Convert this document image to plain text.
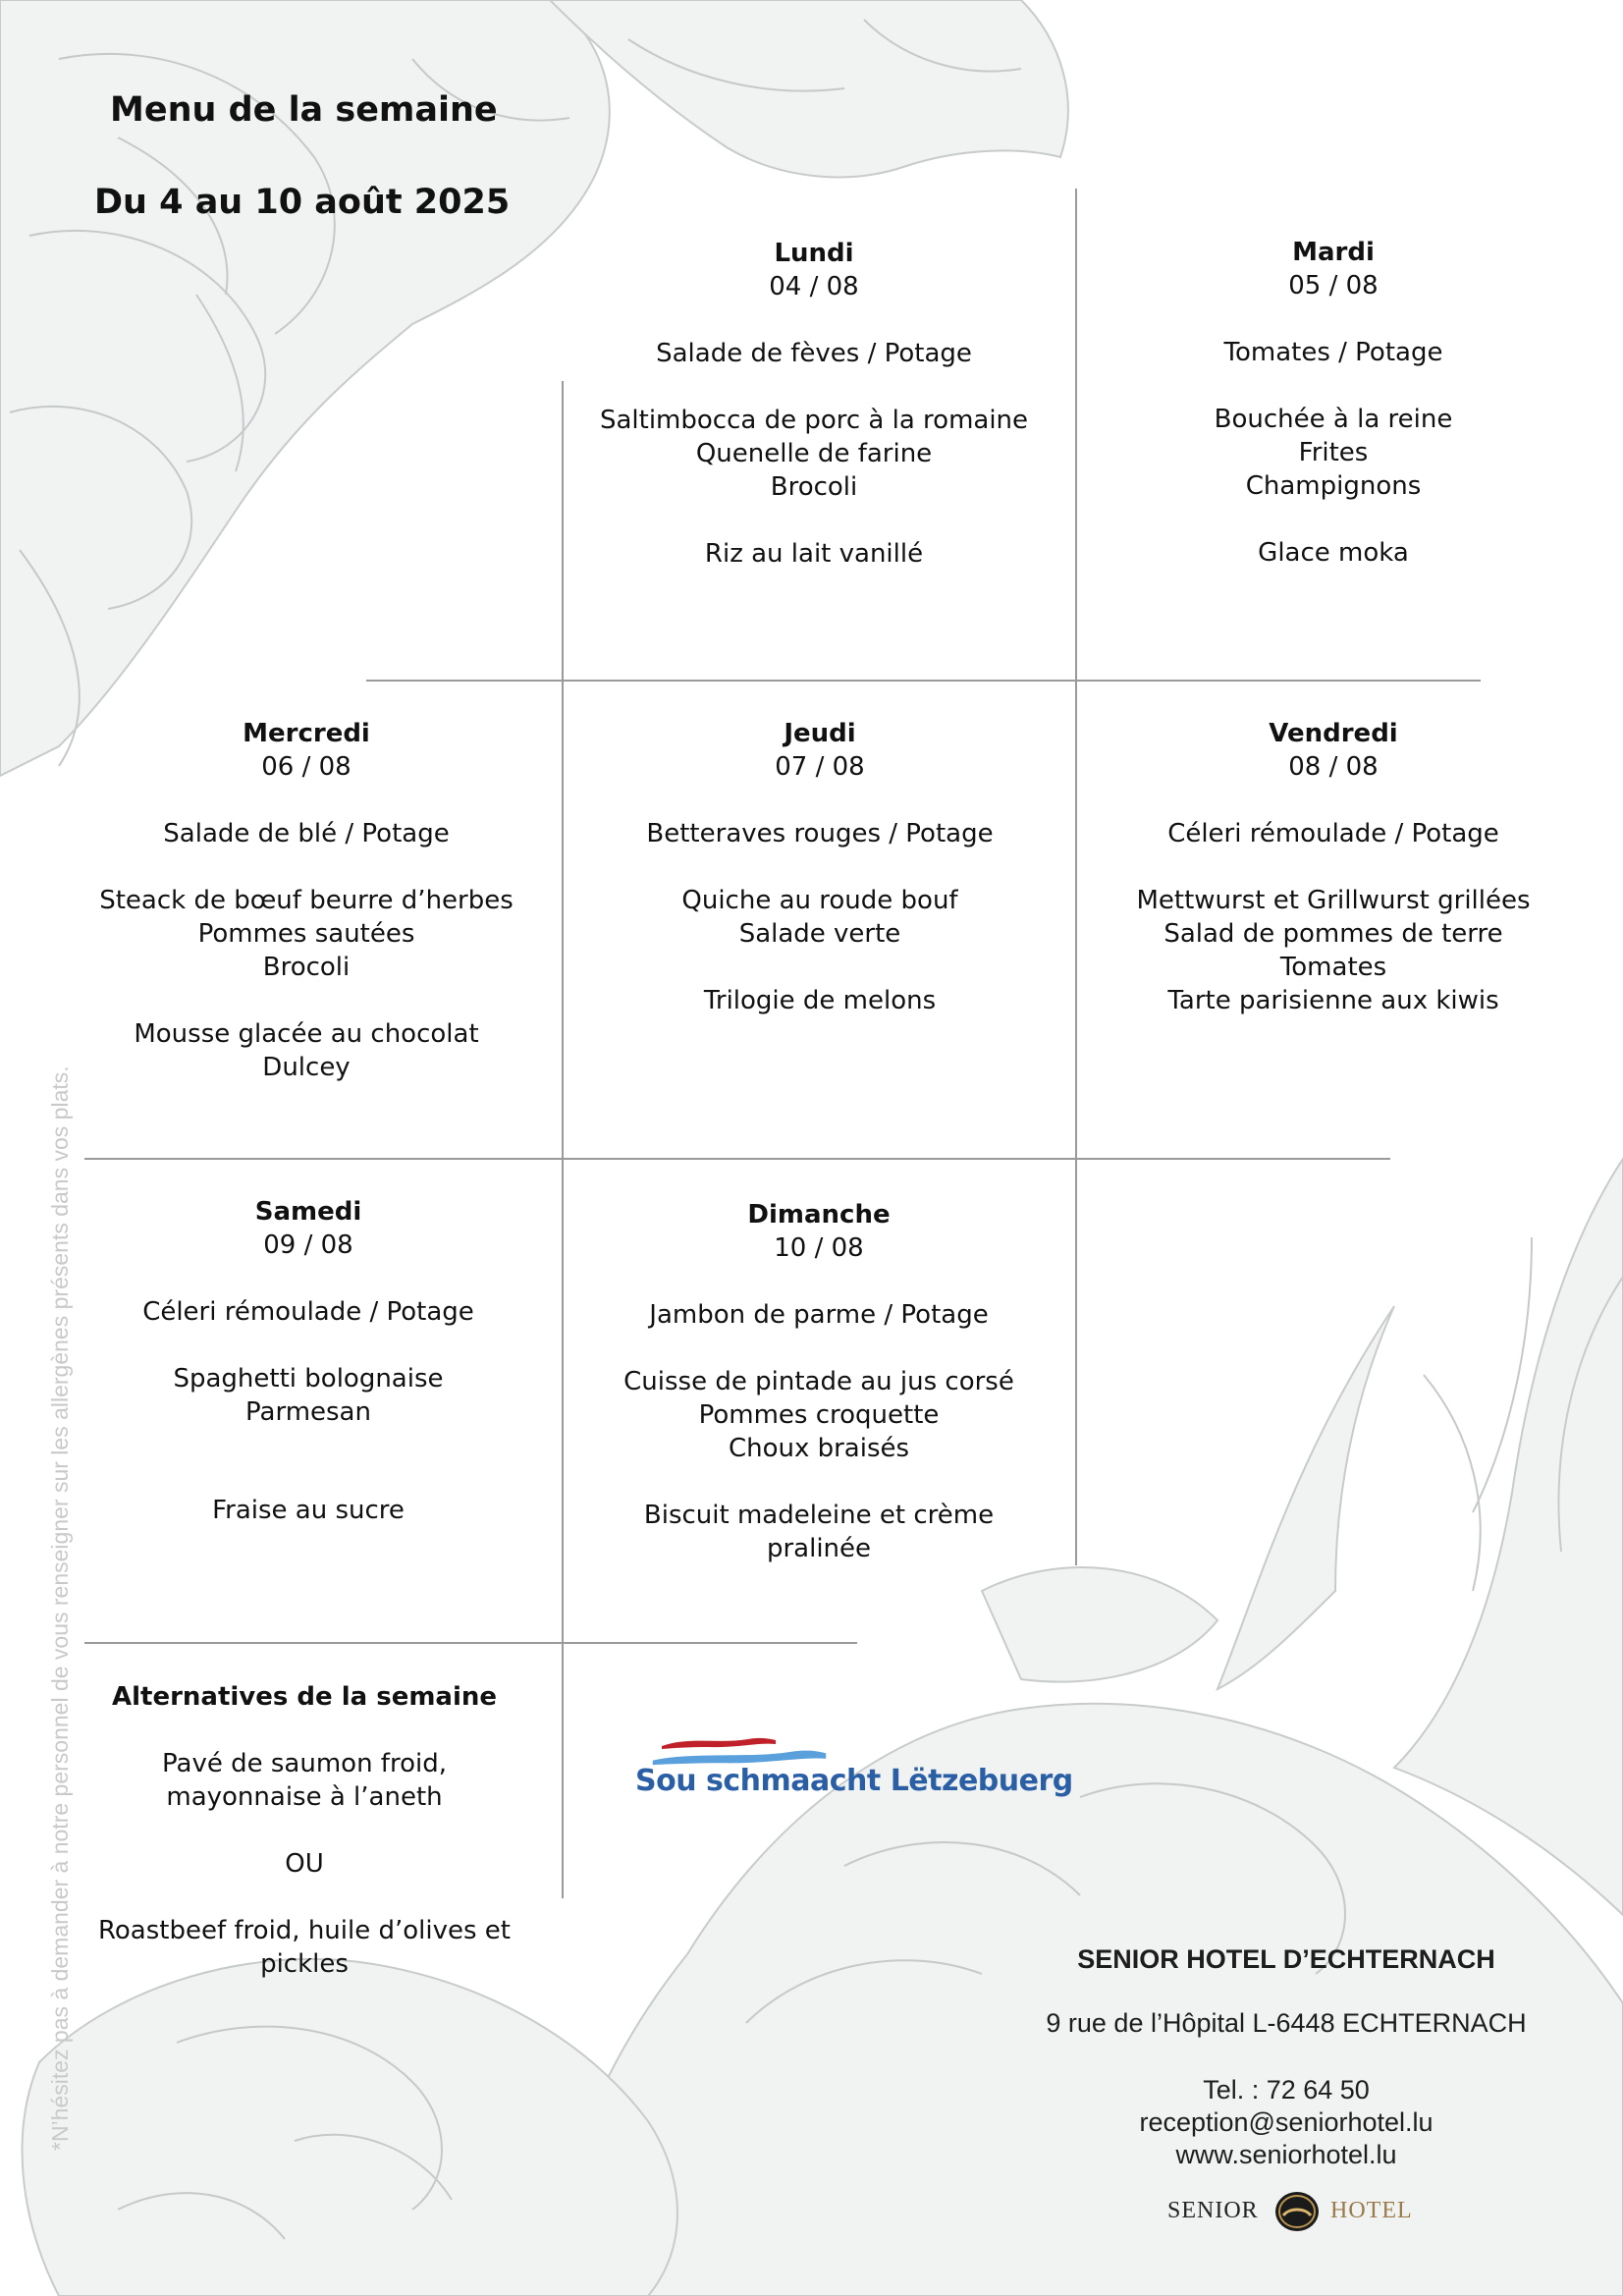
Menu de la semaine
Du 4 au 10 août 2025
Lundi
04 / 08
Salade de fèves / Potage
Saltimbocca de porc à la romaine
Quenelle de farine
Brocoli
Riz au lait vanillé
Mardi
05 / 08
Tomates / Potage
Bouchée à la reine
Frites
Champignons
Glace moka
Mercredi
06 / 08
Salade de blé / Potage
Steack de bœuf beurre d’herbes
Pommes sautées
Brocoli
Mousse glacée au chocolat
Dulcey
Jeudi
07 / 08
Betteraves rouges / Potage
Quiche au roude bouf
Salade verte
Trilogie de melons
Vendredi
08 / 08
Céleri rémoulade / Potage
Mettwurst et Grillwurst grillées
Salad de pommes de terre
Tomates
Tarte parisienne aux kiwis
Samedi
09 / 08
Céleri rémoulade / Potage
Spaghetti bolognaise
Parmesan
Fraise au sucre
Dimanche
10 / 08
Jambon de parme / Potage
Cuisse de pintade au jus corsé
Pommes croquette
Choux braisés
Biscuit madeleine et crème
pralinée
Alternatives de la semaine
Pavé de saumon froid,
mayonnaise à l’aneth
OU
Roastbeef froid, huile d’olives et
pickles
*N’hésitez pas à demander à notre personnel de vous renseigner sur les allergènes présents dans vos plats.	Sou schmaacht Lëtzebuerg

SENIOR HOTEL D’ECHTERNACH

9 rue de l’Hôpital L-6448 ECHTERNACH

Tel. : 72 64 50

reception@seniorhotel.lu

www.seniorhotel.lu

SENIOR	HOTEL
